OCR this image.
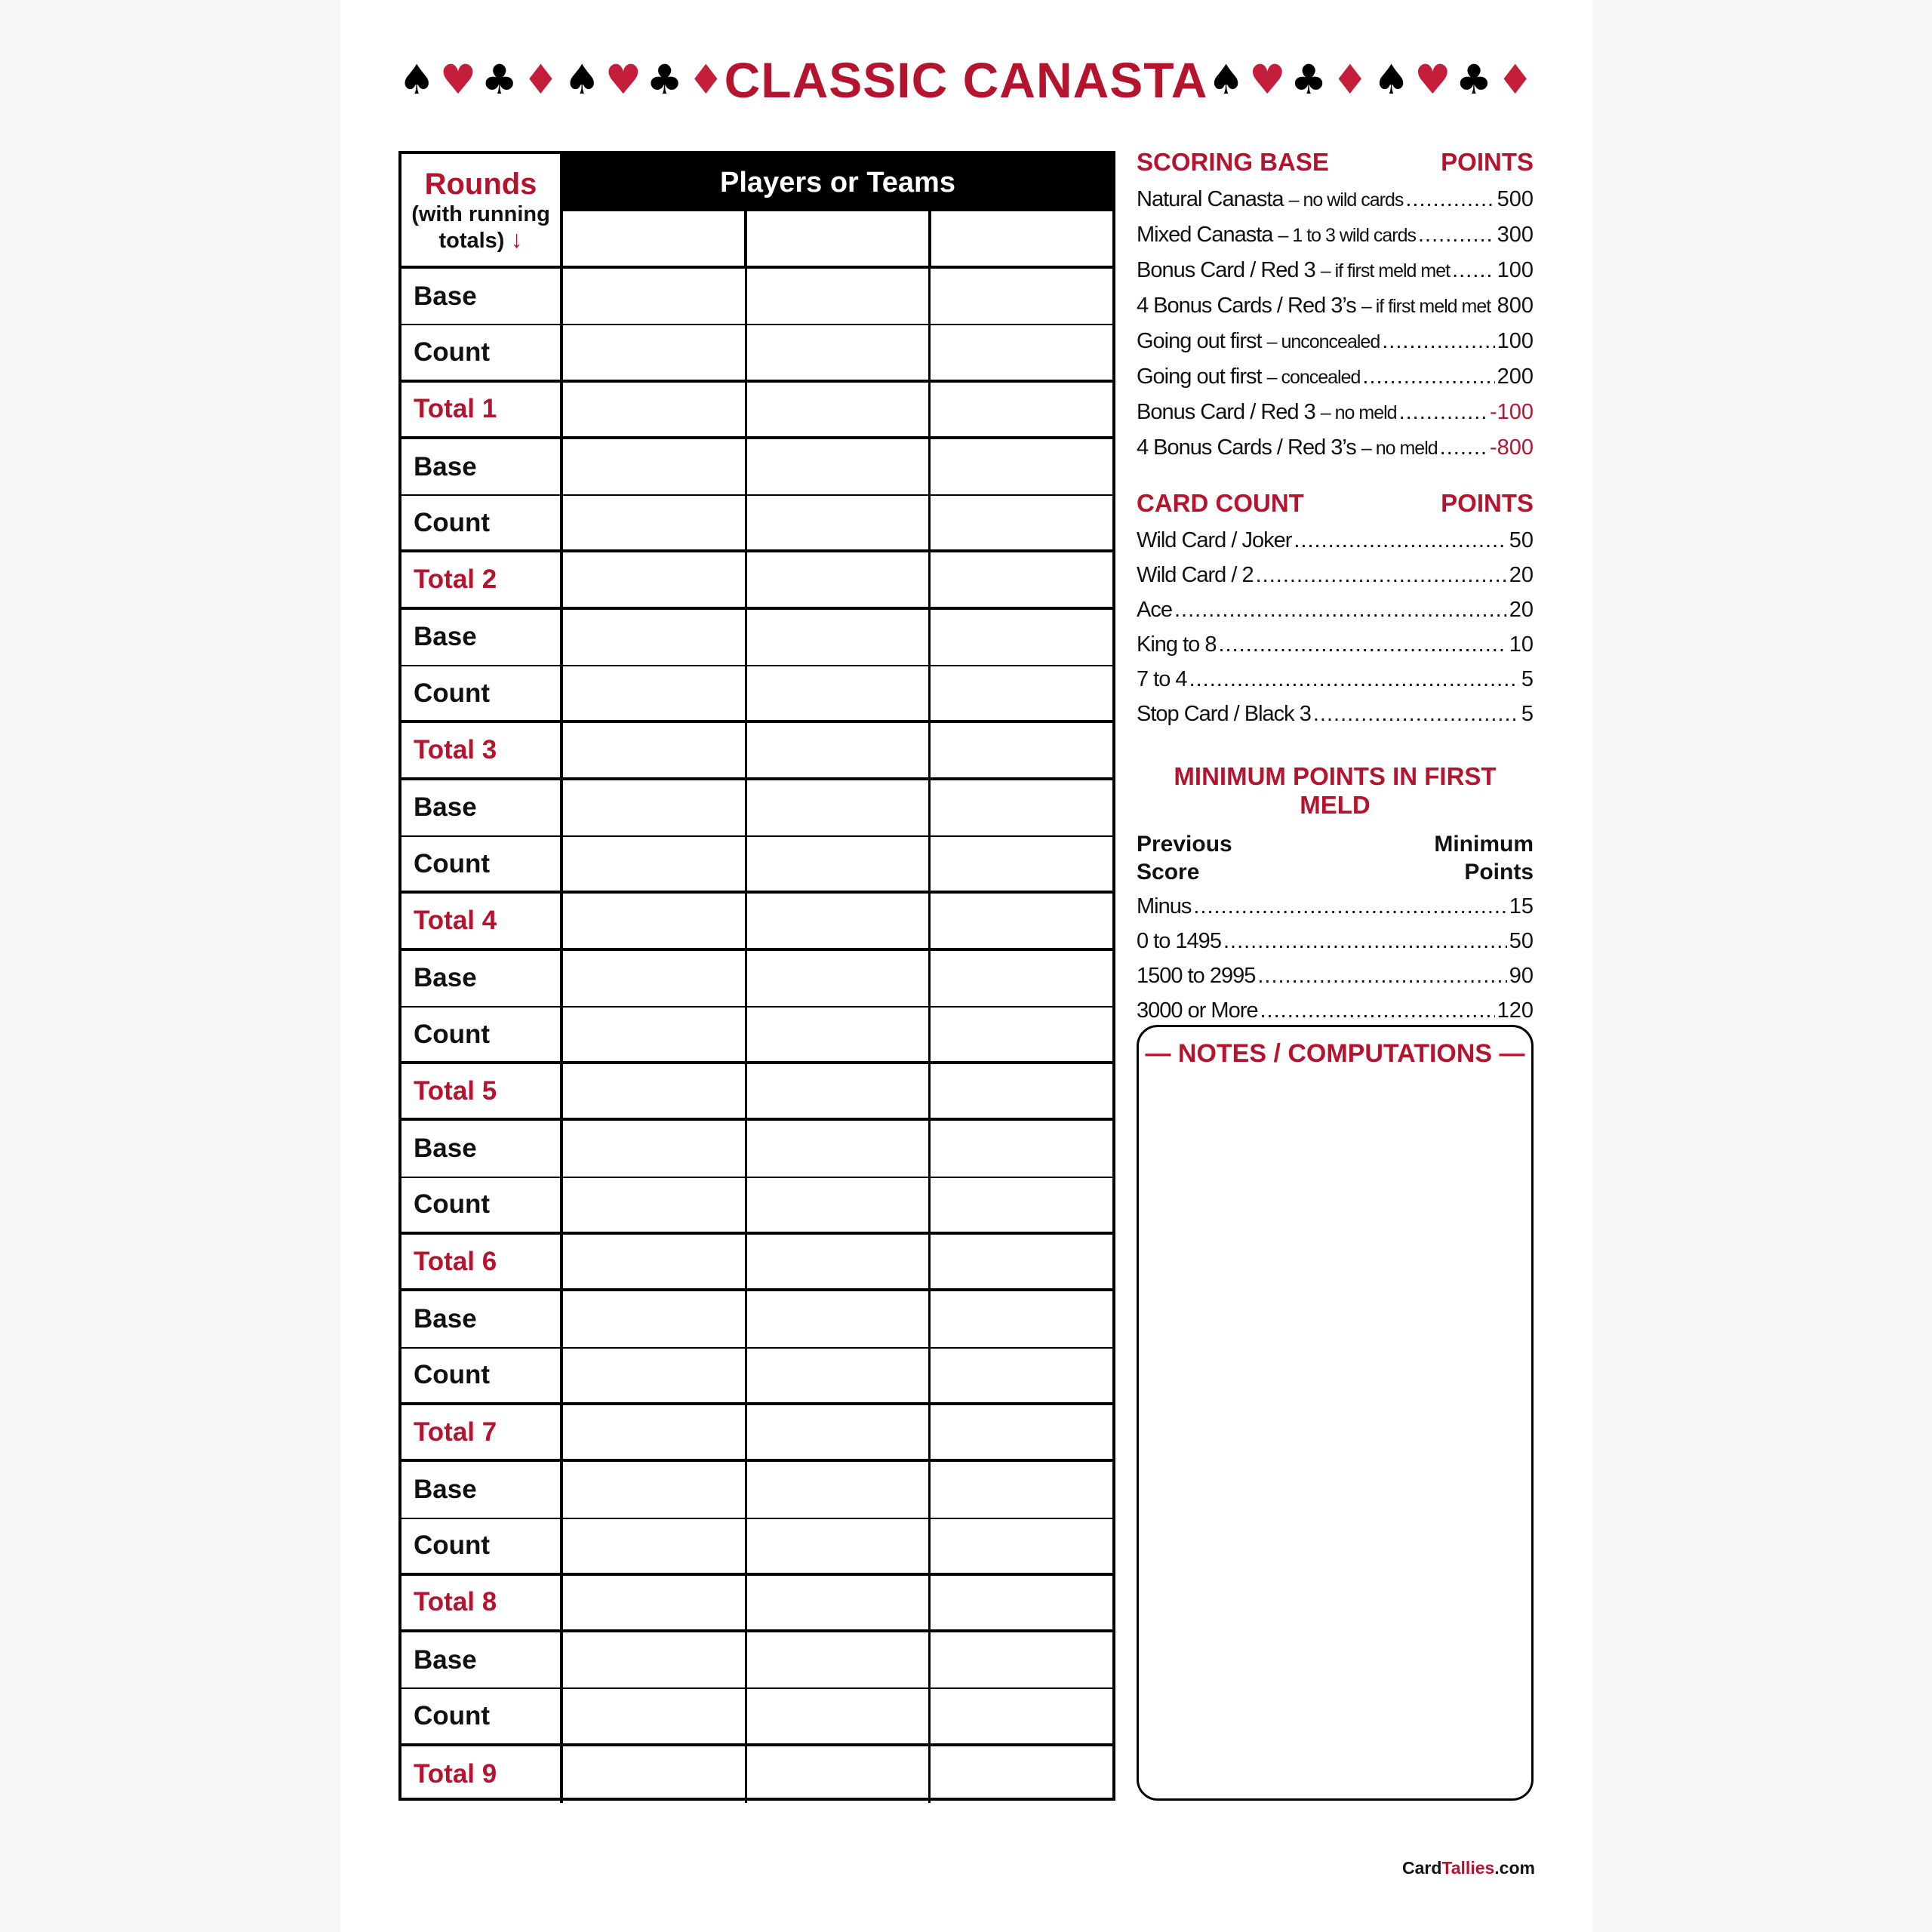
♠ ♥ ♣ ♦ ♠ ♥ ♣ ♦ CLASSIC CANASTA ♠ ♥ ♣ ♦ ♠ ♥ ♣ ♦
Rounds
(with running
totals) ↓
Players or Teams
Base
Count
Total 1
Base
Count
Total 2
Base
Count
Total 3
Base
Count
Total 4
Base
Count
Total 5
Base
Count
Total 6
Base
Count
Total 7
Base
Count
Total 8
Base
Count
Total 9
SCORING BASE	POINTS
Natural Canasta – no wild cards .....	500
Mixed Canasta – 1 to 3 wild cards .....	300
Bonus Card / Red 3 – if first meld met ..... 100
4 Bonus Cards / Red 3’s – if first meld met ..... 800
Going out first – unconcealed .....	100
Going out first – concealed .....	200
Bonus Card / Red 3 – no meld .....	-100
4 Bonus Cards / Red 3’s – no meld ..... -800
CARD COUNT	POINTS
Wild Card / Joker .....	50
Wild Card / 2 .....	20
Ace .....	20
King to 8 .....	10
7 to 4 .....	5
Stop Card / Black 3 .....	5
MINIMUM POINTS IN FIRST MELD
Previous
Score
Minimum
Points
Minus .....	15
0 to 1495 .....	50
1500 to 2995 .....	90
3000 or More .....	120
— NOTES / COMPUTATIONS —
CardTallies.com
